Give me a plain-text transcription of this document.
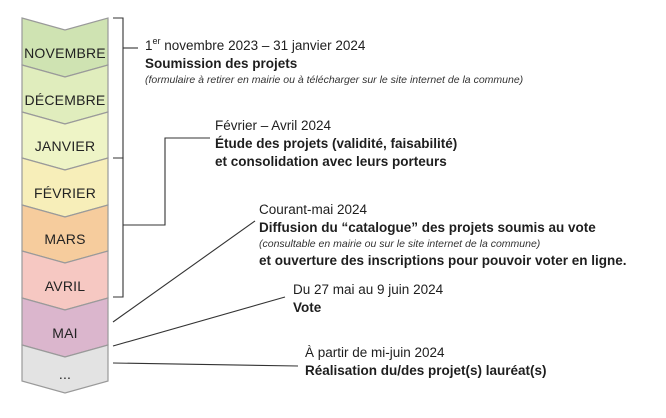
NOVEMBRE
DÉCEMBRE
JANVIER
FÉVRIER
MARS
AVRIL
MAI
...
1er novembre 2023 – 31 janvier 2024
Soumission des projets
(formulaire à retirer en mairie ou à télécharger sur le site internet de la commune)
Février – Avril 2024
Étude des projets (validité, faisabilité)
et consolidation avec leurs porteurs
Courant-mai 2024
Diffusion du “catalogue” des projets soumis au vote
(consultable en mairie ou sur le site internet de la commune)
et ouverture des inscriptions pour pouvoir voter en ligne.
Du 27 mai au 9 juin 2024
Vote
À partir de mi-juin 2024
Réalisation du/des projet(s) lauréat(s)
